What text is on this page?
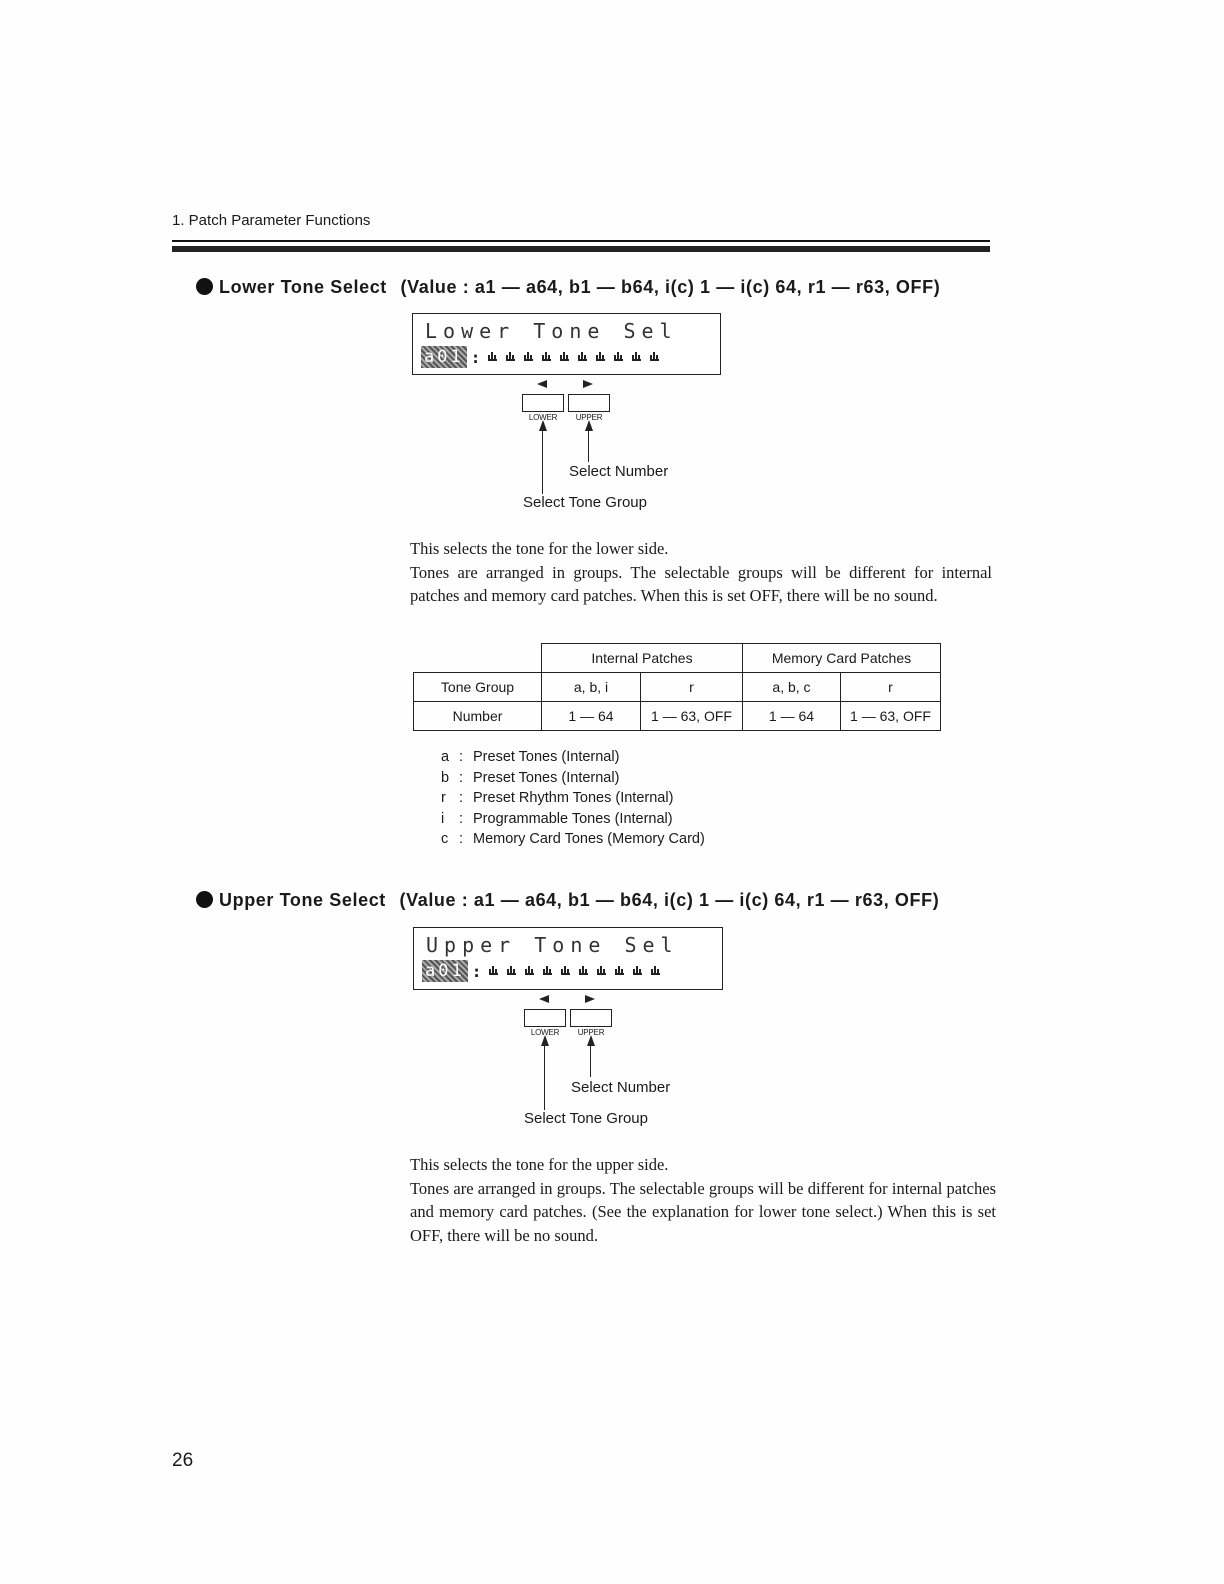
1. Patch Parameter Functions
Lower Tone Select (Value : a1 — a64, b1 — b64, i(c) 1 — i(c) 64, r1 — r63, OFF)
Lower Tone Sel
a01 :
LOWER	UPPER
Select Number
Select Tone Group

This selects the tone for the lower side.

Tones are arranged in groups. The selectable groups will be different for internal patches and memory card patches. When this is set OFF, there will be no sound.

	Internal Patches		Memory Card Patches	
Tone Group	a, b, i	r	a, b, c	r
Number	1 — 64	1 — 63, OFF	1 — 64	1 — 63, OFF
a : Preset Tones (Internal)
b : Preset Tones (Internal)
r : Preset Rhythm Tones (Internal)
i	: Programmable Tones (Internal)
c : Memory Card Tones (Memory Card)
Upper Tone Select (Value : a1 — a64, b1 — b64, i(c) 1 — i(c) 64, r1 — r63, OFF)
Upper Tone Sel
a01 :
LOWER	UPPER
Select Number
Select Tone Group

This selects the tone for the upper side.

Tones are arranged in groups. The selectable groups will be different for internal patches and memory card patches. (See the explanation for lower tone select.) When this is set OFF, there will be no sound.

26
